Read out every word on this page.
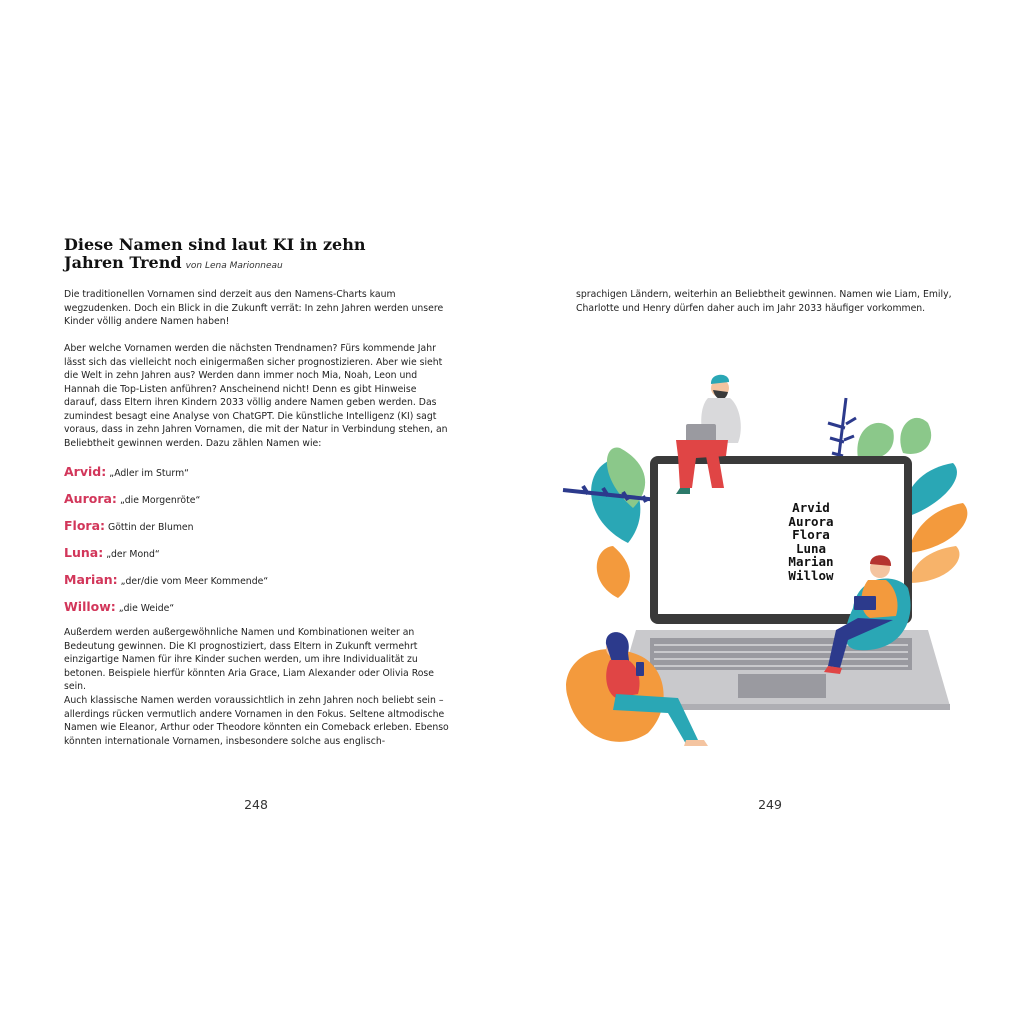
Diese Namen sind laut KI in zehn
Jahren Trend von Lena Marionneau

Die traditionellen Vornamen sind derzeit aus den Namens-Charts kaum wegzudenken. Doch ein Blick in die Zukunft verrät: In zehn Jahren werden unsere Kinder völlig andere Namen haben!

Aber welche Vornamen werden die nächsten Trendnamen? Fürs kommende Jahr lässt sich das vielleicht noch einigermaßen sicher prognostizieren. Aber wie sieht die Welt in zehn Jahren aus? Werden dann immer noch Mia, Noah, Leon und Hannah die Top-Listen anführen? Anscheinend nicht! Denn es gibt Hinweise darauf, dass Eltern ihren Kindern 2033 völlig andere Namen geben werden. Das zumindest besagt eine Analyse von ChatGPT. Die künstliche Intelligenz (KI) sagt voraus, dass in zehn Jahren Vornamen, die mit der Natur in Verbindung stehen, an Beliebtheit gewinnen werden. Dazu zählen Namen wie:

Arvid: „Adler im Sturm“
Aurora: „die Morgenröte“
Flora: Göttin der Blumen
Luna: „der Mond“
Marian: „der/die vom Meer Kommende“
Willow: „die Weide“

Außerdem werden außergewöhnliche Namen und Kombinationen weiter an Bedeutung gewinnen. Die KI prognostiziert, dass Eltern in Zukunft vermehrt einzigartige Namen für ihre Kinder suchen werden, um ihre Individualität zu betonen. Beispiele hierfür könnten Aria Grace, Liam Alexander oder Olivia Rose sein.

Auch klassische Namen werden voraussichtlich in zehn Jahren noch beliebt sein – allerdings rücken vermutlich andere Vornamen in den Fokus. Seltene altmodische Namen wie Eleanor, Arthur oder Theodore könnten ein Comeback erleben. Ebenso könnten internationale Vornamen, insbesondere solche aus englisch-

248
sprachigen Ländern, weiterhin an Beliebtheit gewinnen. Namen wie Liam, Emily, Charlotte und Henry dürfen daher auch im Jahr 2033 häufiger vorkommen.
Arvid
Aurora
Flora
Luna
Marian
Willow
249
